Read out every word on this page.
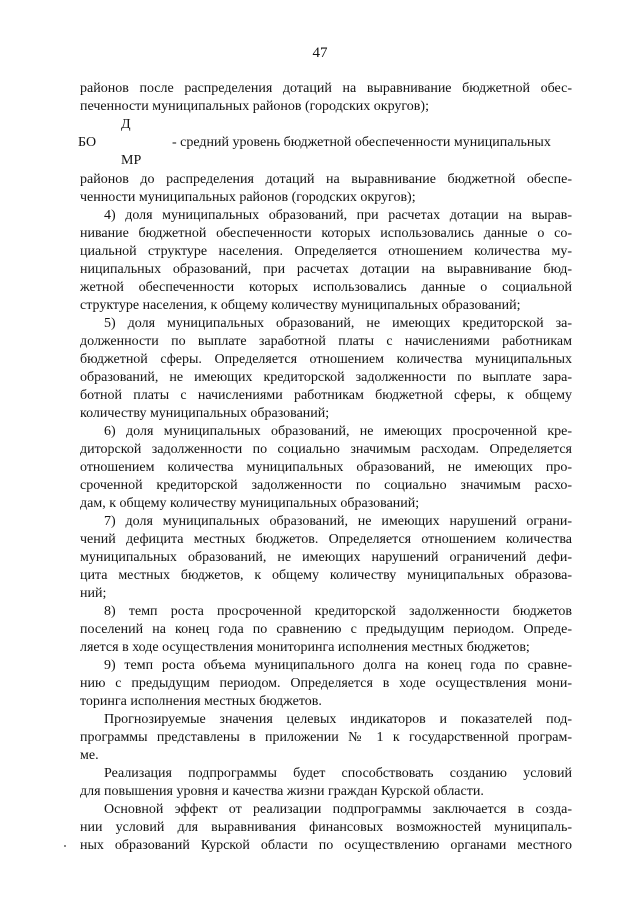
47
Д
БО
МР
- средний уровень бюджетной обеспеченности муниципальных
районов после распределения дотаций на выравнивание бюджетной обес-
печенности муниципальных районов (городских округов);
районов до распределения дотаций на выравнивание бюджетной обеспе-
ченности муниципальных районов (городских округов);
4) доля муниципальных образований, при расчетах дотации на вырав-
нивание бюджетной обеспеченности которых использовались данные о со-
циальной структуре населения. Определяется отношением количества му-
ниципальных образований, при расчетах дотации на выравнивание бюд-
жетной обеспеченности которых использовались данные о социальной
структуре населения, к общему количеству муниципальных образований;
5) доля муниципальных образований, не имеющих кредиторской за-
долженности по выплате заработной платы с начислениями работникам
бюджетной сферы. Определяется отношением количества муниципальных
образований, не имеющих кредиторской задолженности по выплате зара-
ботной платы с начислениями работникам бюджетной сферы, к общему
количеству муниципальных образований;
6) доля муниципальных образований, не имеющих просроченной кре-
диторской задолженности по социально значимым расходам. Определяется
отношением количества муниципальных образований, не имеющих про-
сроченной кредиторской задолженности по социально значимым расхо-
дам, к общему количеству муниципальных образований;
7) доля муниципальных образований, не имеющих нарушений ограни-
чений дефицита местных бюджетов. Определяется отношением количества
муниципальных образований, не имеющих нарушений ограничений дефи-
цита местных бюджетов, к общему количеству муниципальных образова-
ний;
8) темп роста просроченной кредиторской задолженности бюджетов
поселений на конец года по сравнению с предыдущим периодом. Опреде-
ляется в ходе осуществления мониторинга исполнения местных бюджетов;
9) темп роста объема муниципального долга на конец года по сравне-
нию с предыдущим периодом. Определяется в ходе осуществления мони-
торинга исполнения местных бюджетов.
Прогнозируемые значения целевых индикаторов и показателей под-
программы представлены в приложении № 1 к государственной програм-
ме.
Реализация подпрограммы будет способствовать созданию условий
для повышения уровня и качества жизни граждан Курской области.
Основной эффект от реализации подпрограммы заключается в созда-
нии условий для выравнивания финансовых возможностей муниципаль-
ных образований Курской области по осуществлению органами местного
